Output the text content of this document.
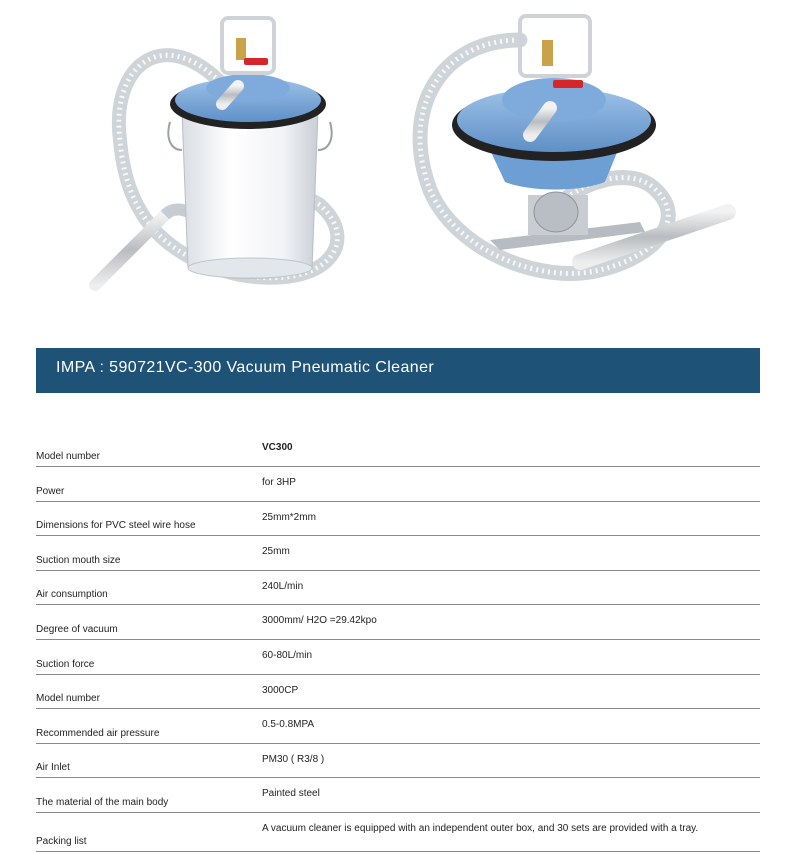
IMPA : 590721VC-300 Vacuum Pneumatic Cleaner
Model number
VC300
Power
for 3HP
Dimensions for PVC steel wire hose
25mm*2mm
Suction mouth size
25mm
Air consumption
240L/min
Degree of vacuum
3000mm/ H2O =29.42kpo
Suction force
60-80L/min
Model number
3000CP
Recommended air pressure
0.5-0.8MPA
Air Inlet
PM30 ( R3/8 )
The material of the main body
Painted steel
Packing list
A vacuum cleaner is equipped with an independent outer box, and 30 sets are provided with a tray.
